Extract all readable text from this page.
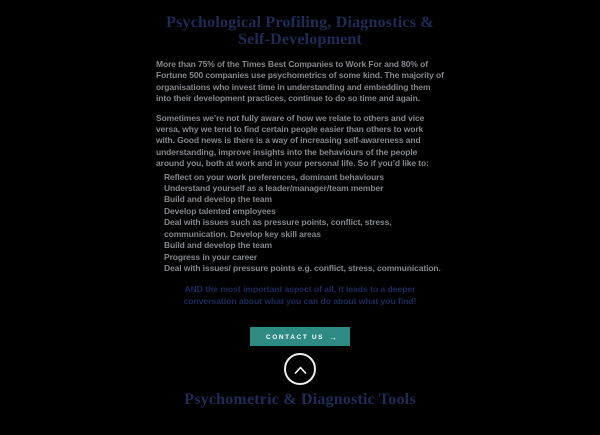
Psychological Profiling, Diagnostics & Self-Development

More than 75% of the Times Best Companies to Work For and 80% of Fortune 500 companies use psychometrics of some kind. The majority of organisations who invest time in understanding and embedding them into their development practices, continue to do so time and again.

Sometimes we’re not fully aware of how we relate to others and vice versa, why we tend to find certain people easier than others to work with. Good news is there is a way of increasing self-awareness and understanding, improve insights into the behaviours of the people around you, both at work and in your personal life. So if you’d like to:

Reflect on your work preferences, dominant behaviours
Understand yourself as a leader/manager/team member
Build and develop the team
Develop talented employees
Deal with issues such as pressure points, conflict, stress, communication. Develop key skill areas
Build and develop the team
Progress in your career
Deal with issues/ pressure points e.g. conflict, stress, communication.

AND the most important aspect of all, it leads to a deeper conversation about what you can do about what you find!

CONTACT US →
Psychometric & Diagnostic Tools
